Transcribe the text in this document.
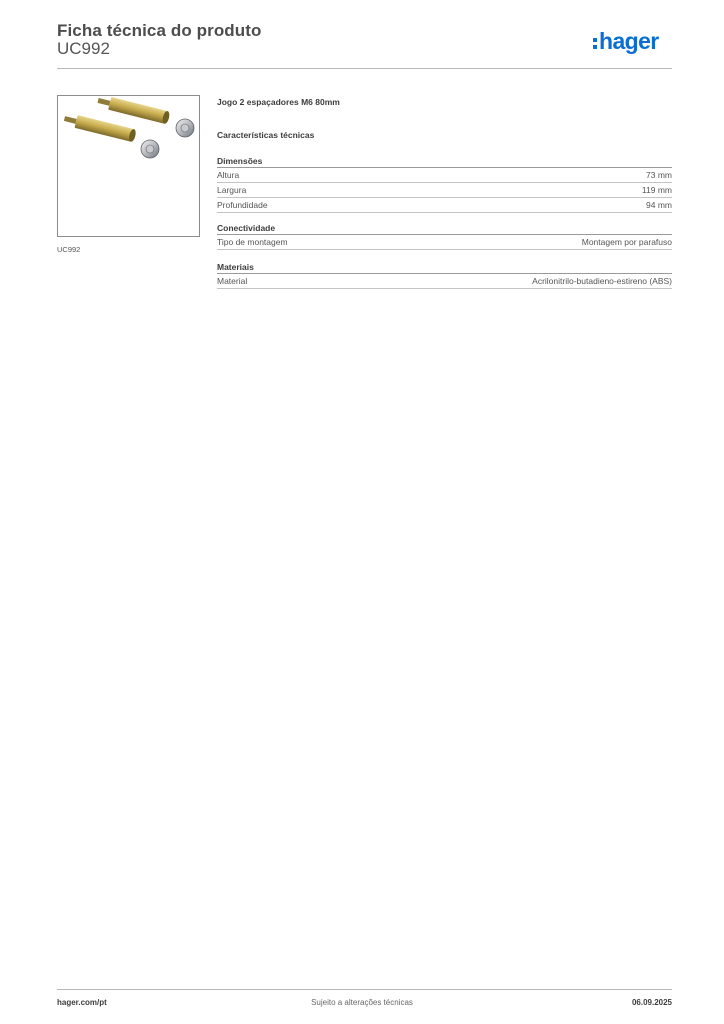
Ficha técnica do produto
UC992	hager
UC992
Jogo 2 espaçadores M6 80mm
Características técnicas
Dimensões
Altura	73 mm
Largura	119 mm
Profundidade	94 mm
Conectividade
Tipo de montagem	Montagem por parafuso
Materiais
Material	Acrilonitrilo-butadieno-estireno (ABS)
hager.com/pt	Sujeito a alterações técnicas	06.09.2025
